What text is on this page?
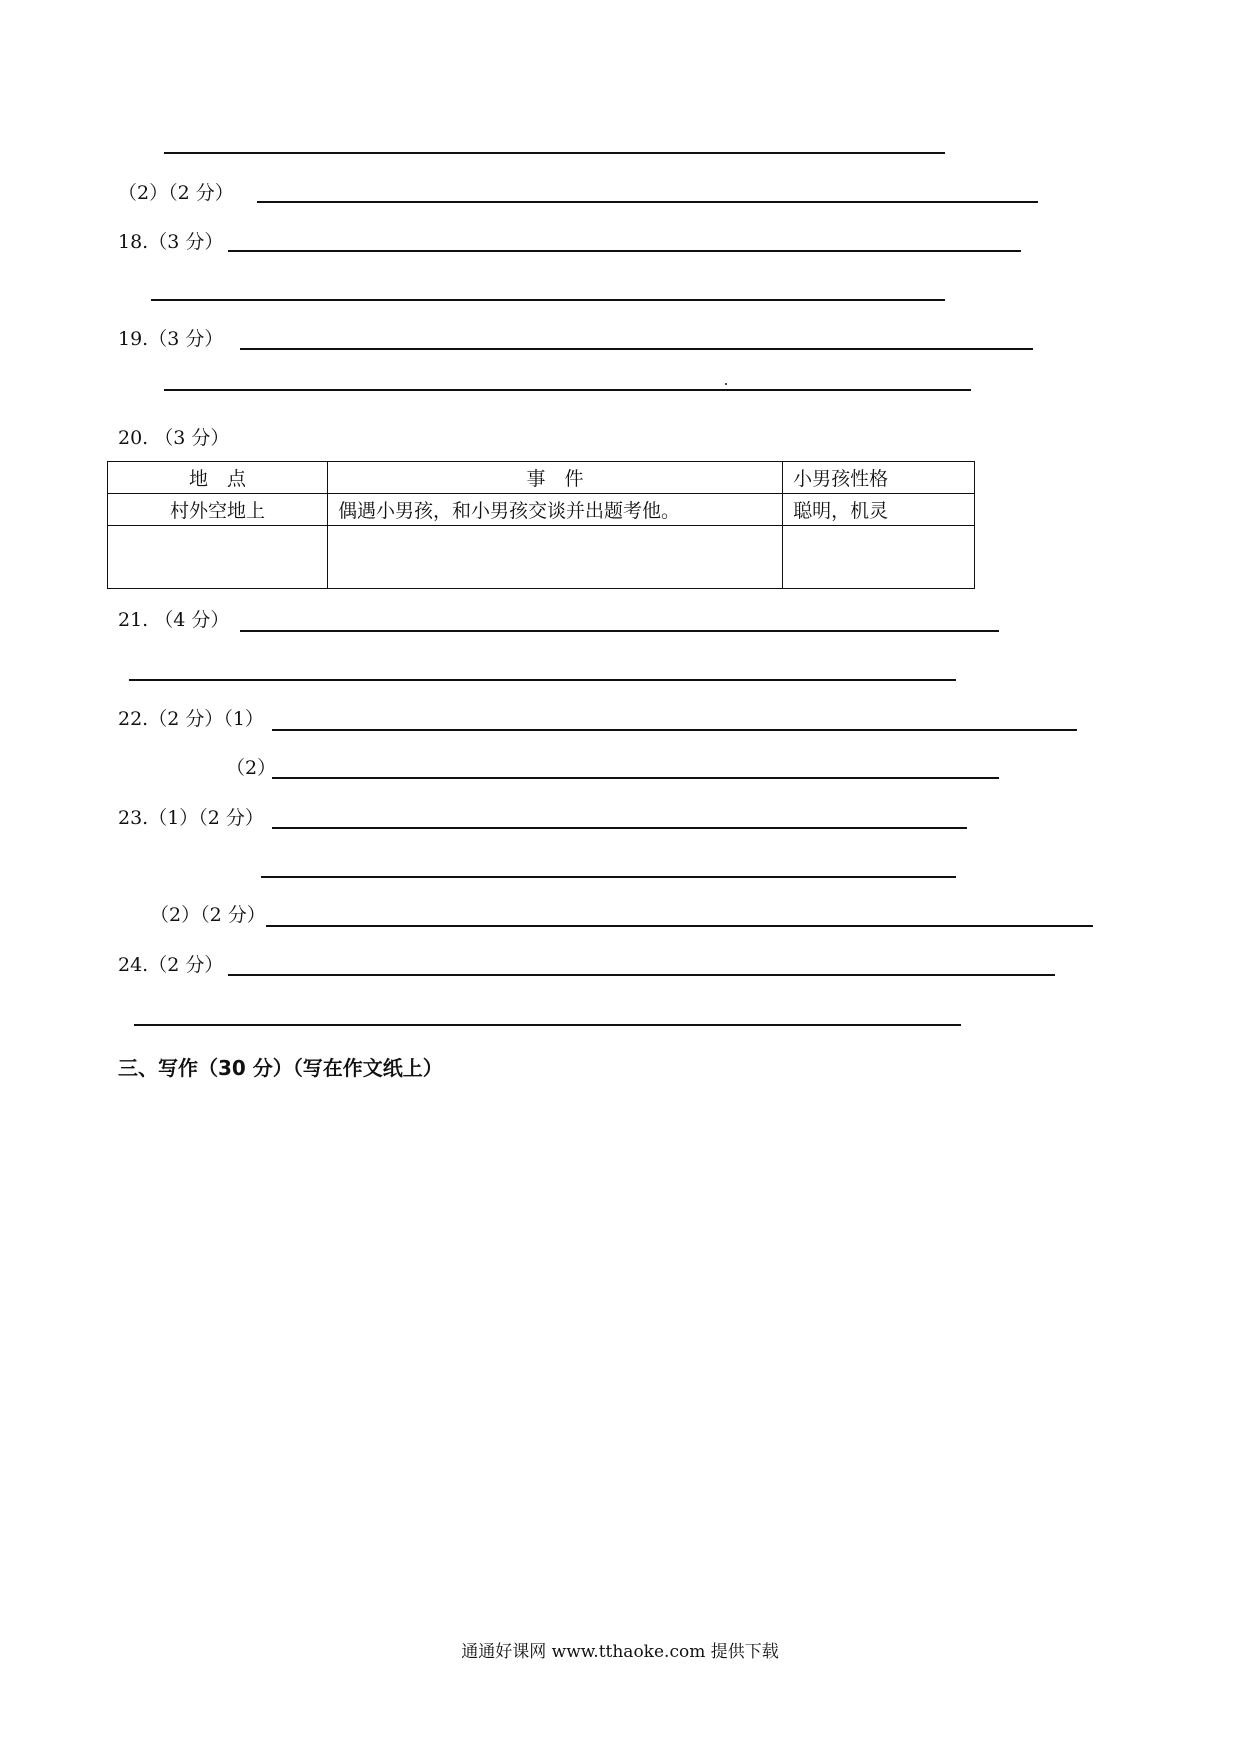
（2）（2 分）
18.（3 分）
19.（3 分）
20. （3 分）
地　点	事　件	小男孩性格
村外空地上	偶遇小男孩，和小男孩交谈并出题考他。	聪明，机灵

21. （4 分）
22.（2 分）（1）
（2）
23.（1）（2 分）
（2）（2 分）
24.（2 分）
三、写作（30 分）（写在作文纸上）
通通好课网 www.tthaoke.com 提供下载
